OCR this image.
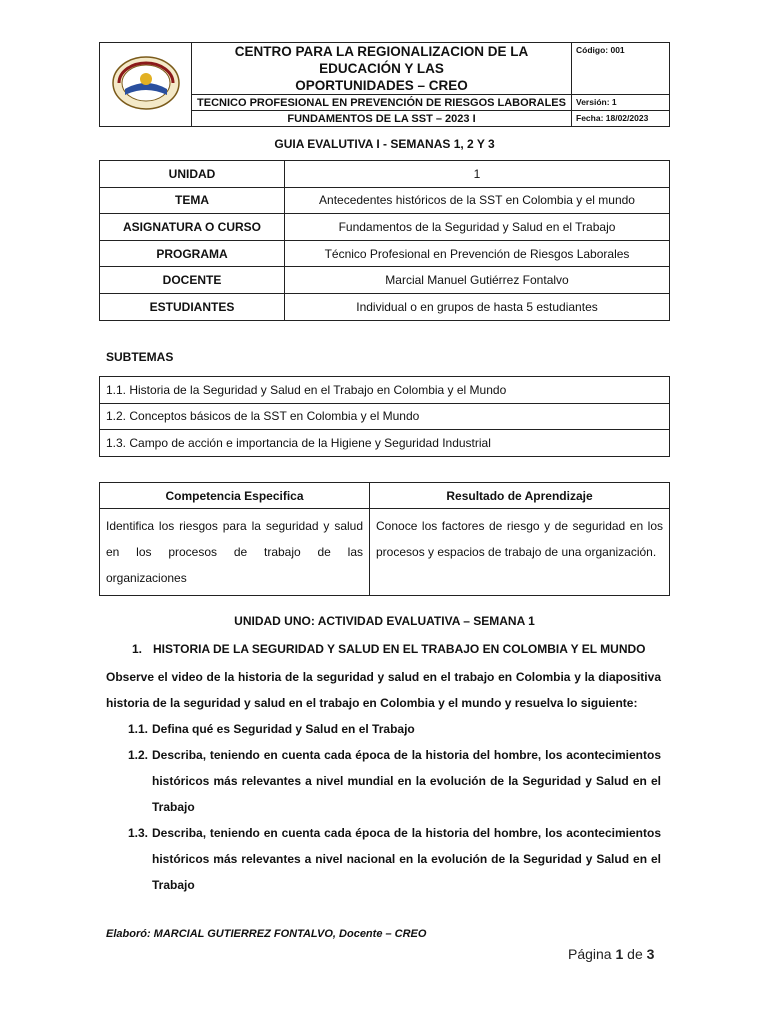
CENTRO PARA LA REGIONALIZACION DE LA EDUCACIÓN Y LAS
OPORTUNIDADES – CREO	Código: 001
	TECNICO PROFESIONAL EN PREVENCIÓN DE RIESGOS LABORALES	Versión: 1
	FUNDAMENTOS DE LA SST – 2023 I	Fecha: 18/02/2023
GUIA EVALUTIVA I - SEMANAS 1, 2 Y 3
UNIDAD	1
TEMA	Antecedentes históricos de la SST en Colombia y el mundo
ASIGNATURA O CURSO	Fundamentos de la Seguridad y Salud en el Trabajo
PROGRAMA	Técnico Profesional en Prevención de Riesgos Laborales
DOCENTE	Marcial Manuel Gutiérrez Fontalvo
ESTUDIANTES	Individual o en grupos de hasta 5 estudiantes
SUBTEMAS
1.1. Historia de la Seguridad y Salud en el Trabajo en Colombia y el Mundo
1.2. Conceptos básicos de la SST en Colombia y el Mundo
1.3. Campo de acción e importancia de la Higiene y Seguridad Industrial
Competencia Especifica	Resultado de Aprendizaje
Identifica los riesgos para la seguridad y salud en los procesos de trabajo de las organizaciones	Conoce los factores de riesgo y de seguridad en los procesos y espacios de trabajo de una organización.
UNIDAD UNO: ACTIVIDAD EVALUATIVA – SEMANA 1
1. HISTORIA DE LA SEGURIDAD Y SALUD EN EL TRABAJO EN COLOMBIA Y EL MUNDO
Observe el video de la historia de la seguridad y salud en el trabajo en Colombia y la diapositiva historia de la seguridad y salud en el trabajo en Colombia y el mundo y resuelva lo siguiente:
1.1. Defina qué es Seguridad y Salud en el Trabajo
1.2. Describa, teniendo en cuenta cada época de la historia del hombre, los acontecimientos históricos más relevantes a nivel mundial en la evolución de la Seguridad y Salud en el Trabajo
1.3. Describa, teniendo en cuenta cada época de la historia del hombre, los acontecimientos históricos más relevantes a nivel nacional en la evolución de la Seguridad y Salud en el Trabajo
Elaboró: MARCIAL GUTIERREZ FONTALVO, Docente – CREO
Página 1 de 3
